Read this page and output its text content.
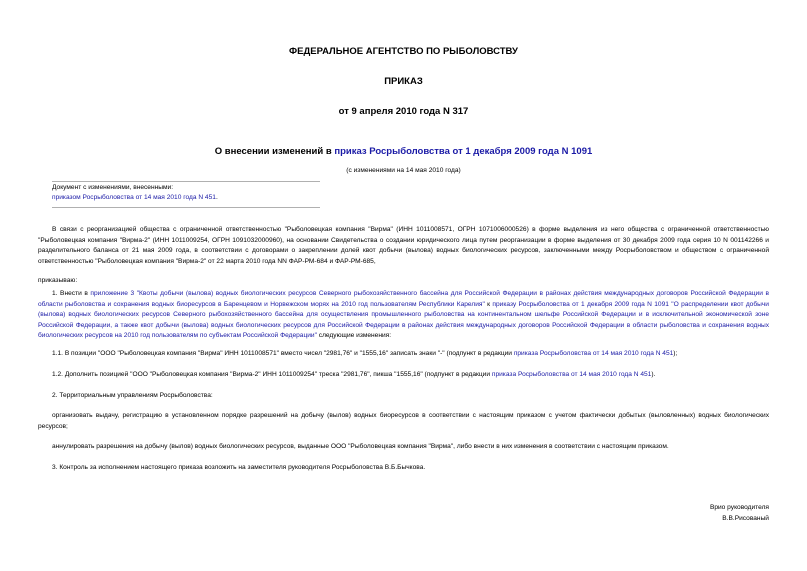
ФЕДЕРАЛЬНОЕ АГЕНТСТВО ПО РЫБОЛОВСТВУ
ПРИКАЗ
от 9 апреля 2010 года N 317
О внесении изменений в приказ Росрыболовства от 1 декабря 2009 года N 1091
(с изменениями на 14 мая 2010 года)
Документ с изменениями, внесенными:
приказом Росрыболовства от 14 мая 2010 года N 451.
В связи с реорганизацией общества с ограниченной ответственностью "Рыболовецкая компания "Вирма" (ИНН 1011008571, ОГРН 1071006000526) в форме выделения из него общества с ограниченной ответственностью "Рыболовецкая компания "Вирма-2" (ИНН 1011009254, ОГРН 1091032000960), на основании Свидетельства о создании юридического лица путем реорганизации в форме выделения от 30 декабря 2009 года серия 10 N 001142266 и разделительного баланса от 21 мая 2009 года, в соответствии с договорами о закреплении долей квот добычи (вылова) водных биологических ресурсов, заключенными между Росрыболовством и обществом с ограниченной ответственностью "Рыболовецкая компания "Вирма-2" от 22 марта 2010 года NN ФАР-РМ-684 и ФАР-РМ-685,
приказываю:
1. Внести в приложение 3 "Квоты добычи (вылова) водных биологических ресурсов Северного рыбохозяйственного бассейна для Российской Федерации в районах действия международных договоров Российской Федерации в области рыболовства и сохранения водных биоресурсов в Баренцевом и Норвежском морях на 2010 год пользователям Республики Карелия" к приказу Росрыболовства от 1 декабря 2009 года N 1091 "О распределении квот добычи (вылова) водных биологических ресурсов Северного рыбохозяйственного бассейна для осуществления промышленного рыболовства на континентальном шельфе Российской Федерации и в исключительной экономической зоне Российской Федерации, а также квот добычи (вылова) водных биологических ресурсов для Российской Федерации в районах действия международных договоров Российской Федерации в области рыболовства и сохранения водных биологических ресурсов на 2010 год пользователям по субъектам Российской Федерации" следующие изменения:
1.1. В позиции "ООО "Рыболовецкая компания "Вирма" ИНН 1011008571" вместо чисел "2981,76" и "1555,16" записать знаки "-" (подпункт в редакции приказа Росрыболовства от 14 мая 2010 года N 451);
1.2. Дополнить позицией "ООО "Рыболовецкая компания "Вирма-2" ИНН 1011009254" треска "2981,76", пикша "1555,16" (подпункт в редакции приказа Росрыболовства от 14 мая 2010 года N 451).
2. Территориальным управлениям Росрыболовства:
организовать выдачу, регистрацию в установленном порядке разрешений на добычу (вылов) водных биоресурсов в соответствии с настоящим приказом с учетом фактически добытых (выловленных) водных биологических ресурсов;
аннулировать разрешения на добычу (вылов) водных биологических ресурсов, выданные ООО "Рыболовецкая компания "Вирма", либо внести в них изменения в соответствии с настоящим приказом.
3. Контроль за исполнением настоящего приказа возложить на заместителя руководителя Росрыболовства В.Б.Бычкова.
Врио руководителя
В.В.Рисованый
